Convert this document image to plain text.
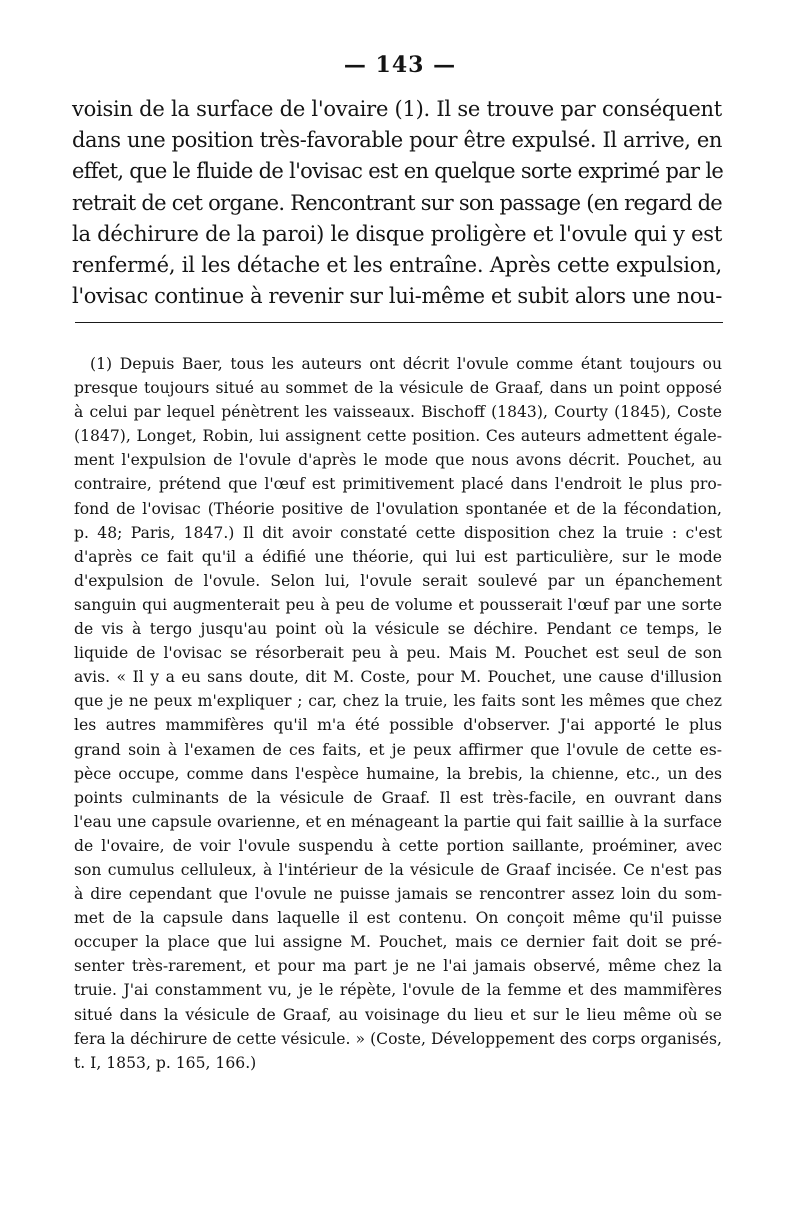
— 143 —
voisin de la surface de l'ovaire (1). Il se trouve par conséquent
dans une position très-favorable pour être expulsé. Il arrive, en
effet, que le fluide de l'ovisac est en quelque sorte exprimé par le
retrait de cet organe. Rencontrant sur son passage (en regard de
la déchirure de la paroi) le disque proligère et l'ovule qui y est
renfermé, il les détache et les entraîne. Après cette expulsion,
l'ovisac continue à revenir sur lui-même et subit alors une nou-
(1) Depuis Baer, tous les auteurs ont décrit l'ovule comme étant toujours ou
presque toujours situé au sommet de la vésicule de Graaf, dans un point opposé
à celui par lequel pénètrent les vaisseaux. Bischoff (1843), Courty (1845), Coste
(1847), Longet, Robin, lui assignent cette position. Ces auteurs admettent égale-
ment l'expulsion de l'ovule d'après le mode que nous avons décrit. Pouchet, au
contraire, prétend que l'œuf est primitivement placé dans l'endroit le plus pro-
fond de l'ovisac (Théorie positive de l'ovulation spontanée et de la fécondation,
p. 48; Paris, 1847.) Il dit avoir constaté cette disposition chez la truie : c'est
d'après ce fait qu'il a édifié une théorie, qui lui est particulière, sur le mode
d'expulsion de l'ovule. Selon lui, l'ovule serait soulevé par un épanchement
sanguin qui augmenterait peu à peu de volume et pousserait l'œuf par une sorte
de vis à tergo jusqu'au point où la vésicule se déchire. Pendant ce temps, le
liquide de l'ovisac se résorberait peu à peu. Mais M. Pouchet est seul de son
avis. « Il y a eu sans doute, dit M. Coste, pour M. Pouchet, une cause d'illusion
que je ne peux m'expliquer ; car, chez la truie, les faits sont les mêmes que chez
les autres mammifères qu'il m'a été possible d'observer. J'ai apporté le plus
grand soin à l'examen de ces faits, et je peux affirmer que l'ovule de cette es-
pèce occupe, comme dans l'espèce humaine, la brebis, la chienne, etc., un des
points culminants de la vésicule de Graaf. Il est très-facile, en ouvrant dans
l'eau une capsule ovarienne, et en ménageant la partie qui fait saillie à la surface
de l'ovaire, de voir l'ovule suspendu à cette portion saillante, proéminer, avec
son cumulus celluleux, à l'intérieur de la vésicule de Graaf incisée. Ce n'est pas
à dire cependant que l'ovule ne puisse jamais se rencontrer assez loin du som-
met de la capsule dans laquelle il est contenu. On conçoit même qu'il puisse
occuper la place que lui assigne M. Pouchet, mais ce dernier fait doit se pré-
senter très-rarement, et pour ma part je ne l'ai jamais observé, même chez la
truie. J'ai constamment vu, je le répète, l'ovule de la femme et des mammifères
situé dans la vésicule de Graaf, au voisinage du lieu et sur le lieu même où se
fera la déchirure de cette vésicule. » (Coste, Développement des corps organisés,
t. I, 1853, p. 165, 166.)
